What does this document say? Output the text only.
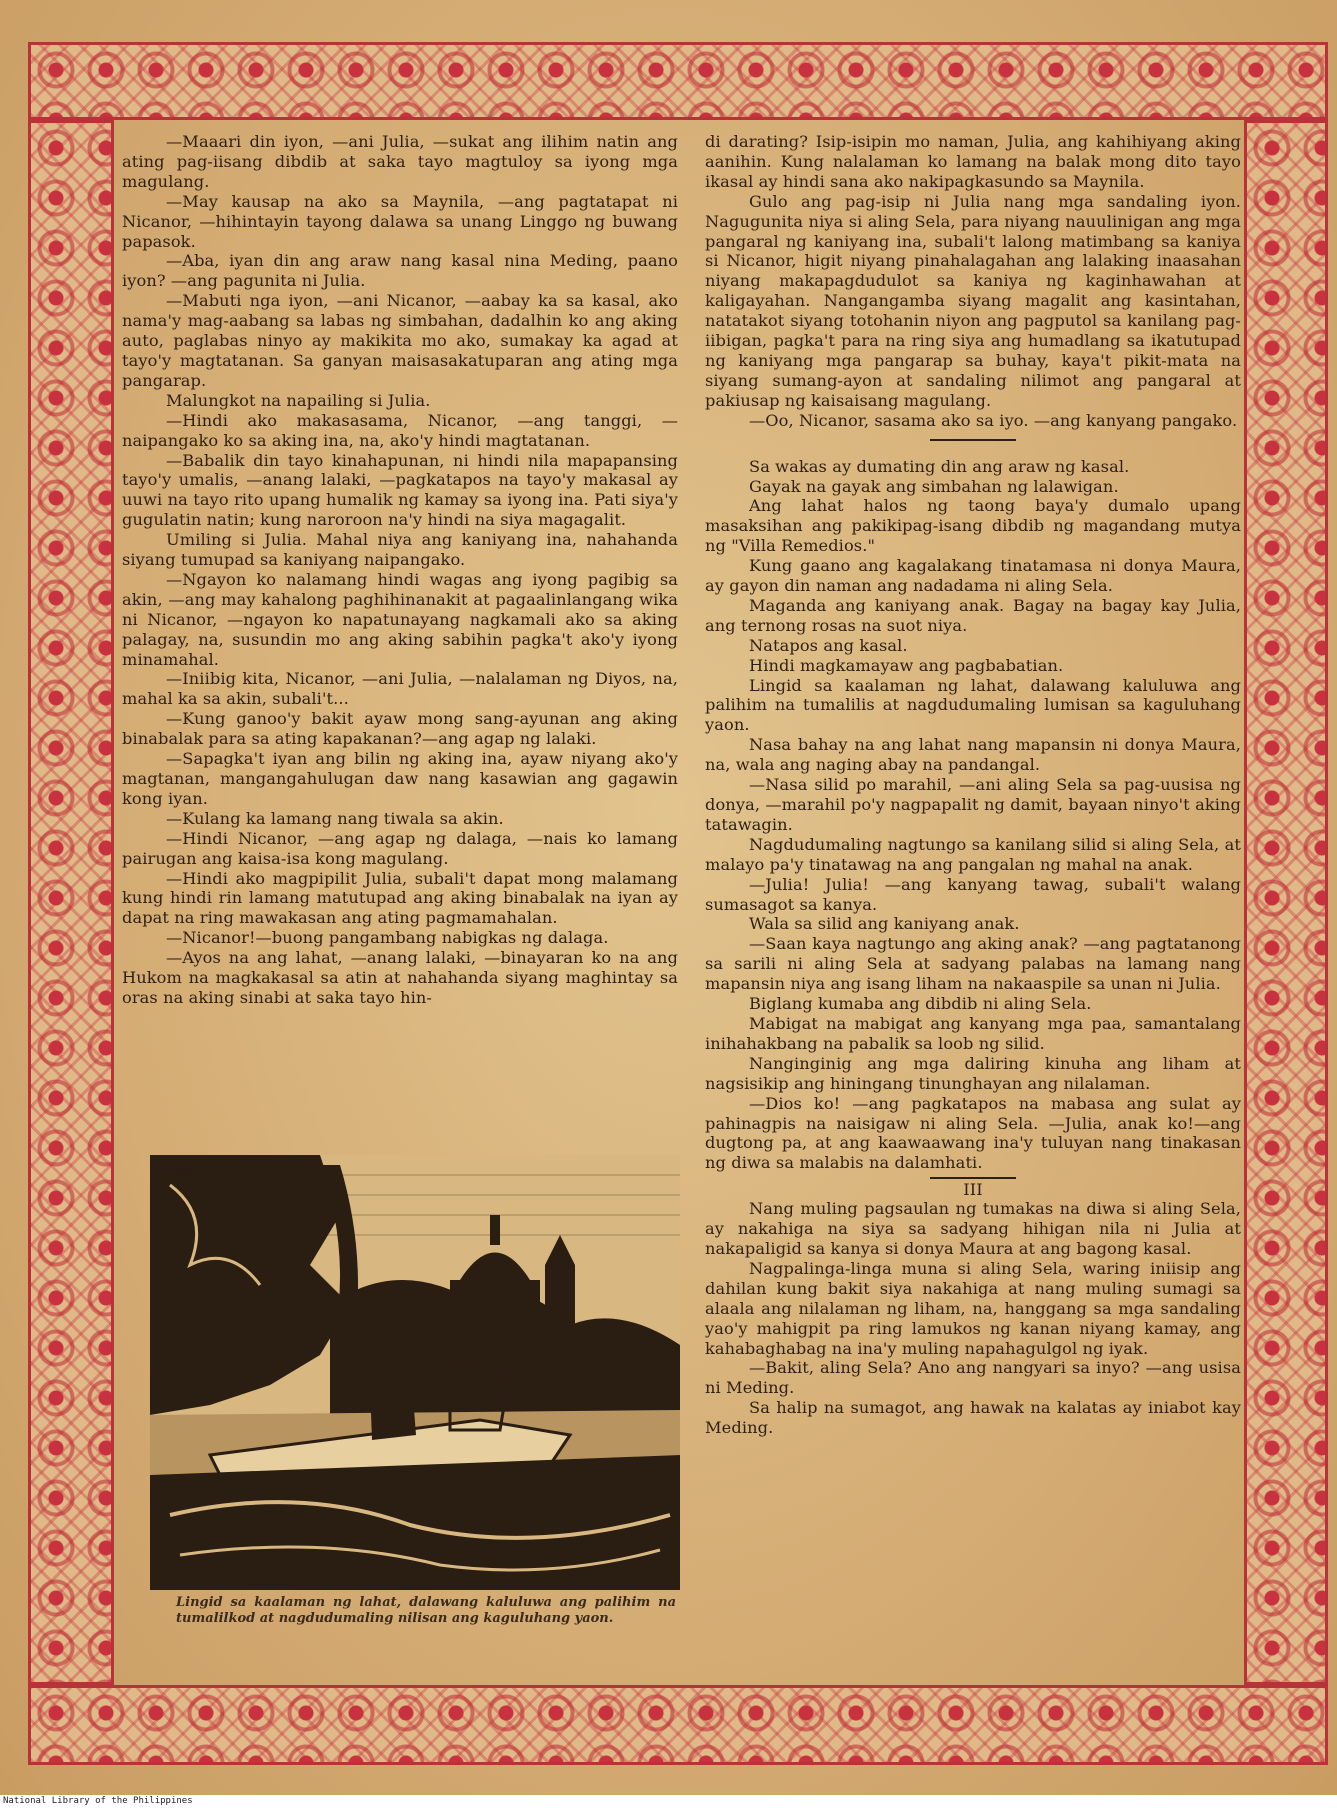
—Maaari din iyon, —ani Julia, —sukat ang ilihim natin ang ating pag-iisang dibdib at saka tayo magtuloy sa iyong mga magulang.

—May kausap na ako sa Maynila, —ang pagtatapat ni Nicanor, —hihintayin tayong dalawa sa unang Linggo ng buwang papasok.

—Aba, iyan din ang araw nang kasal nina Meding, paano iyon? —ang pagunita ni Julia.

—Mabuti nga iyon, —ani Nicanor, —aabay ka sa kasal, ako nama'y mag-aabang sa labas ng simbahan, dadalhin ko ang aking auto, paglabas ninyo ay makikita mo ako, sumakay ka agad at tayo'y magtatanan. Sa ganyan maisasakatuparan ang ating mga pangarap.

Malungkot na napailing si Julia.

—Hindi ako makasasama, Nicanor, —ang tanggi, —naipangako ko sa aking ina, na, ako'y hindi magtatanan.

—Babalik din tayo kinahapunan, ni hindi nila mapapansing tayo'y umalis, —anang lalaki, —pagkatapos na tayo'y makasal ay uuwi na tayo rito upang humalik ng kamay sa iyong ina. Pati siya'y gugulatin natin; kung naroroon na'y hindi na siya magagalit.

Umiling si Julia. Mahal niya ang kaniyang ina, nahahanda siyang tumupad sa kaniyang naipangako.

—Ngayon ko nalamang hindi wagas ang iyong pagibig sa akin, —ang may kahalong paghihinanakit at pagaalinlangang wika ni Nicanor, —ngayon ko napatunayang nagkamali ako sa aking palagay, na, susundin mo ang aking sabihin pagka't ako'y iyong minamahal.

—Iniibig kita, Nicanor, —ani Julia, —nalalaman ng Diyos, na, mahal ka sa akin, subali't...

—Kung ganoo'y bakit ayaw mong sang-ayunan ang aking binabalak para sa ating kapakanan?—ang agap ng lalaki.

—Sapagka't iyan ang bilin ng aking ina, ayaw niyang ako'y magtanan, mangangahulugan daw nang kasawian ang gagawin kong iyan.

—Kulang ka lamang nang tiwala sa akin.

—Hindi Nicanor, —ang agap ng dalaga, —nais ko lamang pairugan ang kaisa-isa kong magulang.

—Hindi ako magpipilit Julia, subali't dapat mong malamang kung hindi rin lamang matutupad ang aking binabalak na iyan ay dapat na ring mawakasan ang ating pagmamahalan.

—Nicanor!—buong pangambang nabigkas ng dalaga.

—Ayos na ang lahat, —anang lalaki, —binayaran ko na ang Hukom na magkakasal sa atin at nahahanda siyang maghintay sa oras na aking sinabi at saka tayo hin-

di darating? Isip-isipin mo naman, Julia, ang kahihiyang aking aanihin. Kung nalalaman ko lamang na balak mong dito tayo ikasal ay hindi sana ako nakipagkasundo sa Maynila.

Gulo ang pag-isip ni Julia nang mga sandaling iyon. Nagugunita niya si aling Sela, para niyang nauulinigan ang mga pangaral ng kaniyang ina, subali't lalong matimbang sa kaniya si Nicanor, higit niyang pinahalagahan ang lalaking inaasahan niyang makapagdudulot sa kaniya ng kaginhawahan at kaligayahan. Nangangamba siyang magalit ang kasintahan, natatakot siyang totohanin niyon ang pagputol sa kanilang pag-iibigan, pagka't para na ring siya ang humadlang sa ikatutupad ng kaniyang mga pangarap sa buhay, kaya't pikit-mata na siyang sumang-ayon at sandaling nilimot ang pangaral at pakiusap ng kaisaisang magulang.

—Oo, Nicanor, sasama ako sa iyo. —ang kanyang pangako.

Sa wakas ay dumating din ang araw ng kasal.

Gayak na gayak ang simbahan ng lalawigan.

Ang lahat halos ng taong baya'y dumalo upang masaksihan ang pakikipag-isang dibdib ng magandang mutya ng "Villa Remedios."

Kung gaano ang kagalakang tinatamasa ni donya Maura, ay gayon din naman ang nadadama ni aling Sela.

Maganda ang kaniyang anak. Bagay na bagay kay Julia, ang ternong rosas na suot niya.

Natapos ang kasal.

Hindi magkamayaw ang pagbabatian.

Lingid sa kaalaman ng lahat, dalawang kaluluwa ang palihim na tumalilis at nagdudumaling lumisan sa kaguluhang yaon.

Nasa bahay na ang lahat nang mapansin ni donya Maura, na, wala ang naging abay na pandangal.

—Nasa silid po marahil, —ani aling Sela sa pag-uusisa ng donya, —marahil po'y nagpapalit ng damit, bayaan ninyo't aking tatawagin.

Nagdudumaling nagtungo sa kanilang silid si aling Sela, at malayo pa'y tinatawag na ang pangalan ng mahal na anak.

—Julia! Julia! —ang kanyang tawag, subali't walang sumasagot sa kanya.

Wala sa silid ang kaniyang anak.

—Saan kaya nagtungo ang aking anak? —ang pagtatanong sa sarili ni aling Sela at sadyang palabas na lamang nang mapansin niya ang isang liham na nakaaspile sa unan ni Julia.

Biglang kumaba ang dibdib ni aling Sela.

Mabigat na mabigat ang kanyang mga paa, samantalang inihahakbang na pabalik sa loob ng silid.

Nanginginig ang mga daliring kinuha ang liham at nagsisikip ang hiningang tinunghayan ang nilalaman.

—Dios ko! —ang pagkatapos na mabasa ang sulat ay pahinagpis na naisigaw ni aling Sela. —Julia, anak ko!—ang dugtong pa, at ang kaawaawang ina'y tuluyan nang tinakasan ng diwa sa malabis na dalamhati.

III

Nang muling pagsaulan ng tumakas na diwa si aling Sela, ay nakahiga na siya sa sadyang hihigan nila ni Julia at nakapaligid sa kanya si donya Maura at ang bagong kasal.

Nagpalinga-linga muna si aling Sela, waring iniisip ang dahilan kung bakit siya nakahiga at nang muling sumagi sa alaala ang nilalaman ng liham, na, hanggang sa mga sandaling yao'y mahigpit pa ring lamukos ng kanan niyang kamay, ang kahabaghabag na ina'y muling napahagulgol ng iyak.

—Bakit, aling Sela? Ano ang nangyari sa inyo? —ang usisa ni Meding.

Sa halip na sumagot, ang hawak na kalatas ay iniabot kay Meding.

CMI
Lingid sa kaalaman ng lahat, dalawang kaluluwa ang palihim na tumalilkod at nagdudumaling nilisan ang kaguluhang yaon.
National Library of the Philippines
